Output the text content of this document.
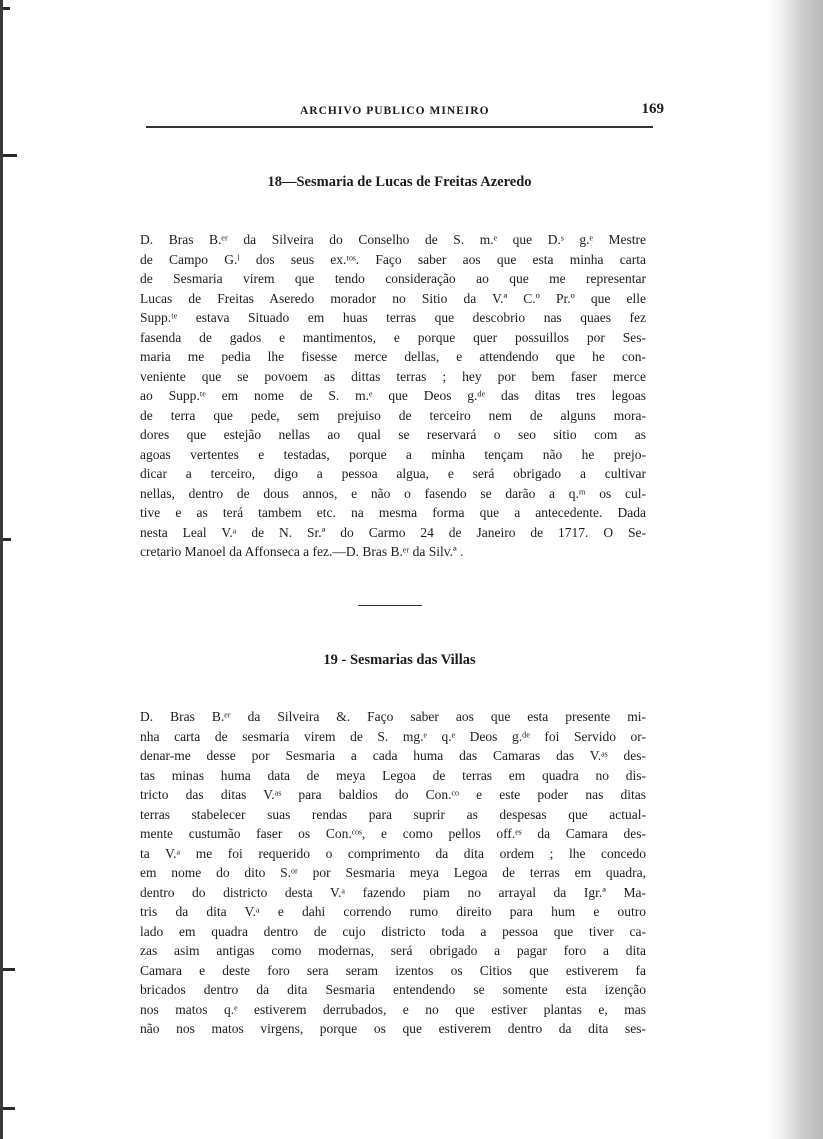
ARCHIVO PUBLICO MINEIRO	169
18—Sesmaria de Lucas de Freitas Azeredo
D. Bras B.ᵉʳ da Silveira do Conselho de S. m.ᵉ que D.ˢ g.ᵉ Mestre
de Campo G.ˡ dos seus ex.ᵗᵒˢ. Faço saber aos que esta minha carta
de Sesmaria virem que tendo consideração ao que me representar
Lucas de Freitas Aseredo morador no Sitio da V.ª C.º Pr.º que elle
Supp.ᵗᵉ estava Situado em huas terras que descobrio nas quaes fez
fasenda de gados e mantimentos, e porque quer possuillos por Ses-
maria me pedia lhe fisesse merce dellas, e attendendo que he con-
veniente que se povoem as dittas terras ; hey por bem faser merce
ao Supp.ᵗᵉ em nome de S. m.ᵉ que Deos g.ᵈᵉ das ditas tres legoas
de terra que pede, sem prejuiso de terceiro nem de alguns mora-
dores que estejão nellas ao qual se reservará o seo sitio com as
agoas vertentes e testadas, porque a minha tençam não he prejo-
dicar a terceiro, digo a pessoa algua, e será obrigado a cultivar
nellas, dentro de dous annos, e não o fasendo se darão a q.ᵐ os cul-
tive e as terá tambem etc. na mesma forma que a antecedente. Dada
nesta Leal V.ᵃ de N. Sr.ª do Carmo 24 de Janeiro de 1717. O Se-
cretario Manoel da Affonseca a fez.—D. Bras B.ᵉʳ da Silv.ª .
19 - Sesmarias das Villas
D. Bras B.ᵉʳ da Silveira &. Faço saber aos que esta presente mi-
nha carta de sesmaria virem de S. mg.ᵉ q.ᵉ Deos g.ᵈᵉ foi Servido or-
denar-me desse por Sesmaria a cada huma das Camaras das V.ᵃˢ des-
tas minas huma data de meya Legoa de terras em quadra no dis-
tricto das ditas V.ᵃˢ para baldios do Con.ᶜᵒ e este poder nas ditas
terras stabelecer suas rendas para suprir as despesas que actual-
mente custumão faser os Con.ᶜᵒˢ, e como pellos off.ᵉˢ da Camara des-
ta V.ᵃ me foi requerido o comprimento da dita ordem ; lhe concedo
em nome do dito S.ᵒʳ por Sesmaria meya Legoa de terras em quadra,
dentro do districto desta V.ᵃ fazendo piam no arrayal da Igr.ª Ma-
tris da dita V.ᵃ e dahi correndo rumo direito para hum e outro
lado em quadra dentro de cujo districto toda a pessoa que tiver ca-
zas asim antigas como modernas, será obrigado a pagar foro a dita
Camara e deste foro sera seram izentos os Citios que estiverem fa
bricados dentro da dita Sesmaria entendendo se somente esta izenção
nos matos q.ᵉ estiverem derrubados, e no que estiver plantas e, mas
não nos matos virgens, porque os que estiverem dentro da dita ses-
